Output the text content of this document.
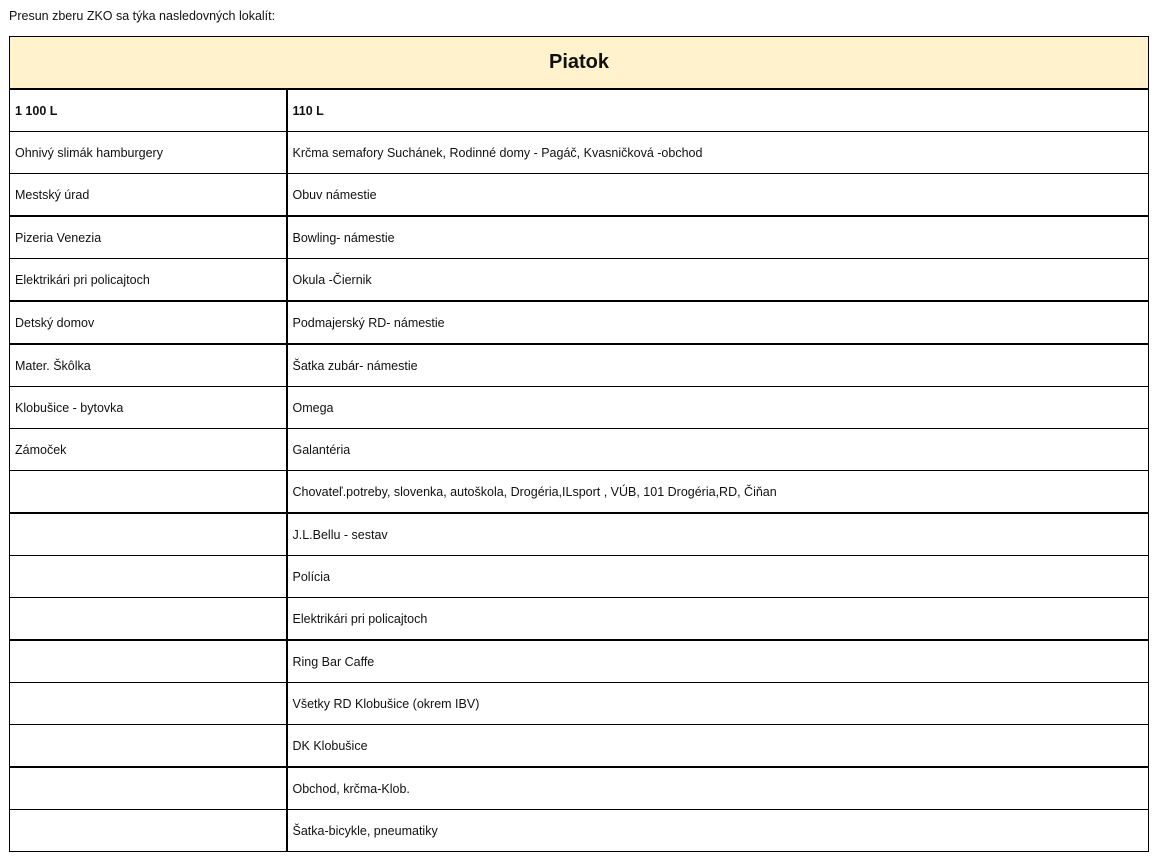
Presun zberu ZKO sa týka nasledovných lokalít:

Piatok	
1 100 L	110 L
Ohnivý slimák hamburgery	Krčma semafory Suchánek, Rodinné domy - Pagáč, Kvasničková -obchod
Mestský úrad	Obuv námestie
Pizeria Venezia	Bowling- námestie
Elektrikári pri policajtoch	Okula -Čiernik
Detský domov	Podmajerský RD- námestie
Mater. Škôlka	Šatka zubár- námestie
Klobušice - bytovka	Omega
Zámoček	Galantéria
	Chovateľ.potreby, slovenka, autoškola, Drogéria,ILsport , VÚB, 101 Drogéria,RD, Čiňan
	J.L.Bellu - sestav
	Polícia
	Elektrikári pri policajtoch
	Ring Bar Caffe
	Všetky RD Klobušice (okrem IBV)
	DK Klobušice
	Obchod, krčma-Klob.
	Šatka-bicykle, pneumatiky
